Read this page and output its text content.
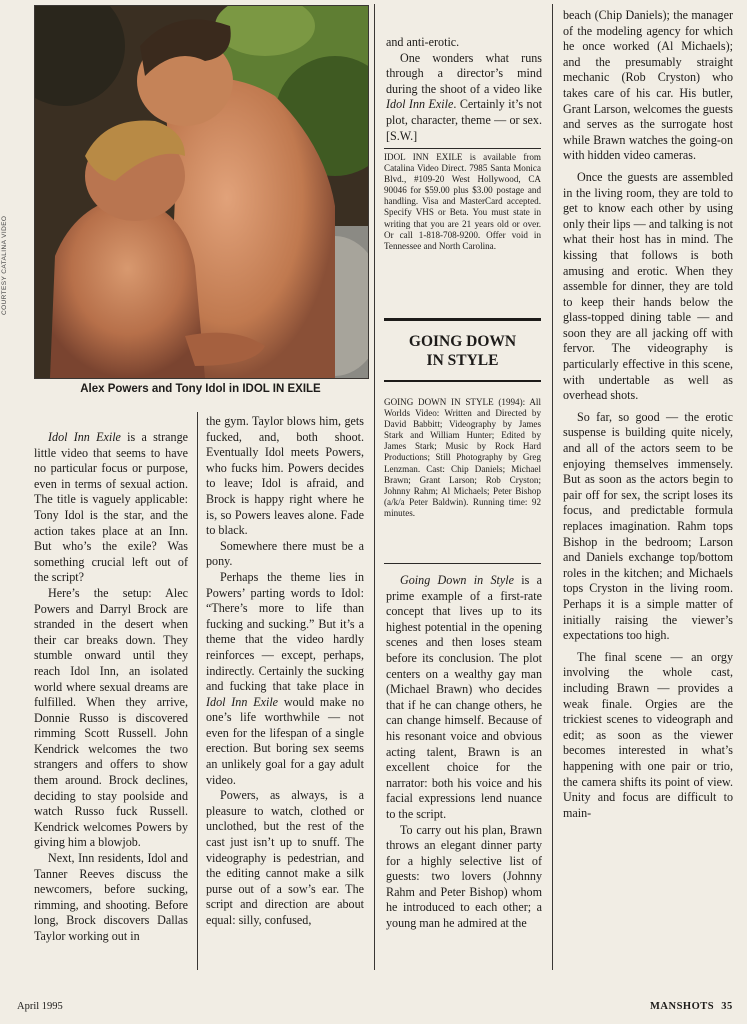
COURTESY CATALINA VIDEO
Alex Powers and Tony Idol in IDOL IN EXILE

Idol Inn Exile is a strange little video that seems to have no particular focus or purpose, even in terms of sexual action. The title is vaguely applicable: Tony Idol is the star, and the action takes place at an Inn. But who’s the exile? Was something crucial left out of the script?

Here’s the setup: Alec Powers and Darryl Brock are stranded in the desert when their car breaks down. They stumble onward until they reach Idol Inn, an isolated world where sexual dreams are fulfilled. When they arrive, Donnie Russo is discovered rimming Scott Russell. John Kendrick welcomes the two strangers and offers to show them around. Brock declines, deciding to stay poolside and watch Russo fuck Russell. Kendrick welcomes Powers by giving him a blowjob.

Next, Inn residents, Idol and Tanner Reeves discuss the newcomers, before sucking, rimming, and shooting. Before long, Brock discovers Dallas Taylor working out in

the gym. Taylor blows him, gets fucked, and, both shoot. Eventually Idol meets Powers, who fucks him. Powers decides to leave; Idol is afraid, and Brock is happy right where he is, so Powers leaves alone. Fade to black.

Somewhere there must be a pony.

Perhaps the theme lies in Powers’ parting words to Idol: “There’s more to life than fucking and sucking.” But it’s a theme that the video hardly reinforces — except, perhaps, indirectly. Certainly the sucking and fucking that take place in Idol Inn Exile would make no one’s life worthwhile — not even for the lifespan of a single erection. But boring sex seems an unlikely goal for a gay adult video.

Powers, as always, is a pleasure to watch, clothed or unclothed, but the rest of the cast just isn’t up to snuff. The videography is pedestrian, and the editing cannot make a silk purse out of a sow’s ear. The script and direction are about equal: silly, confused,

and anti-erotic.

One wonders what runs through a director’s mind during the shoot of a video like Idol Inn Exile. Certainly it’s not plot, character, theme — or sex. [S.W.]

IDOL INN EXILE is available from Catalina Video Direct. 7985 Santa Monica Blvd., #109-20 West Hollywood, CA 90046 for $59.00 plus $3.00 postage and handling. Visa and MasterCard accepted. Specify VHS or Beta. You must state in writing that you are 21 years old or over. Or call 1-818-708-9200. Offer void in Tennessee and North Carolina.
GOING DOWN
IN STYLE
GOING DOWN IN STYLE (1994): All Worlds Video: Written and Directed by David Babbitt; Videography by James Stark and William Hunter; Edited by James Stark; Music by Rock Hard Productions; Still Photography by Greg Lenzman. Cast: Chip Daniels; Michael Brawn; Grant Larson; Rob Cryston; Johnny Rahm; Al Michaels; Peter Bishop (a/k/a Peter Baldwin). Running time: 92 minutes.

Going Down in Style is a prime example of a first-rate concept that lives up to its highest potential in the opening scenes and then loses steam before its conclusion. The plot centers on a wealthy gay man (Michael Brawn) who decides that if he can change others, he can change himself. Because of his resonant voice and obvious acting talent, Brawn is an excellent choice for the narrator: both his voice and his facial expressions lend nuance to the script.

To carry out his plan, Brawn throws an elegant dinner party for a highly selective list of guests: two lovers (Johnny Rahm and Peter Bishop) whom he introduced to each other; a young man he admired at the

beach (Chip Daniels); the manager of the modeling agency for which he once worked (Al Michaels); and the presumably straight mechanic (Rob Cryston) who takes care of his car. His butler, Grant Larson, welcomes the guests and serves as the surrogate host while Brawn watches the going-on with hidden video cameras.

Once the guests are assembled in the living room, they are told to get to know each other by using only their lips — and talking is not what their host has in mind. The kissing that follows is both amusing and erotic. When they assemble for dinner, they are told to keep their hands below the glass-topped dining table — and soon they are all jacking off with fervor. The videography is particularly effective in this scene, with undertable as well as overhead shots.

So far, so good — the erotic suspense is building quite nicely, and all of the actors seem to be enjoying themselves immensely. But as soon as the actors begin to pair off for sex, the script loses its focus, and predictable formula replaces imagination. Rahm tops Bishop in the bedroom; Larson and Daniels exchange top/bottom roles in the kitchen; and Michaels tops Cryston in the living room. Perhaps it is a simple matter of initially raising the viewer’s expectations too high.

The final scene — an orgy involving the whole cast, including Brawn — provides a weak finale. Orgies are the trickiest scenes to videograph and edit; as soon as the viewer becomes interested in what’s happening with one pair or trio, the camera shifts its point of view. Unity and focus are difficult to main-

April 1995	MANSHOTS 35
